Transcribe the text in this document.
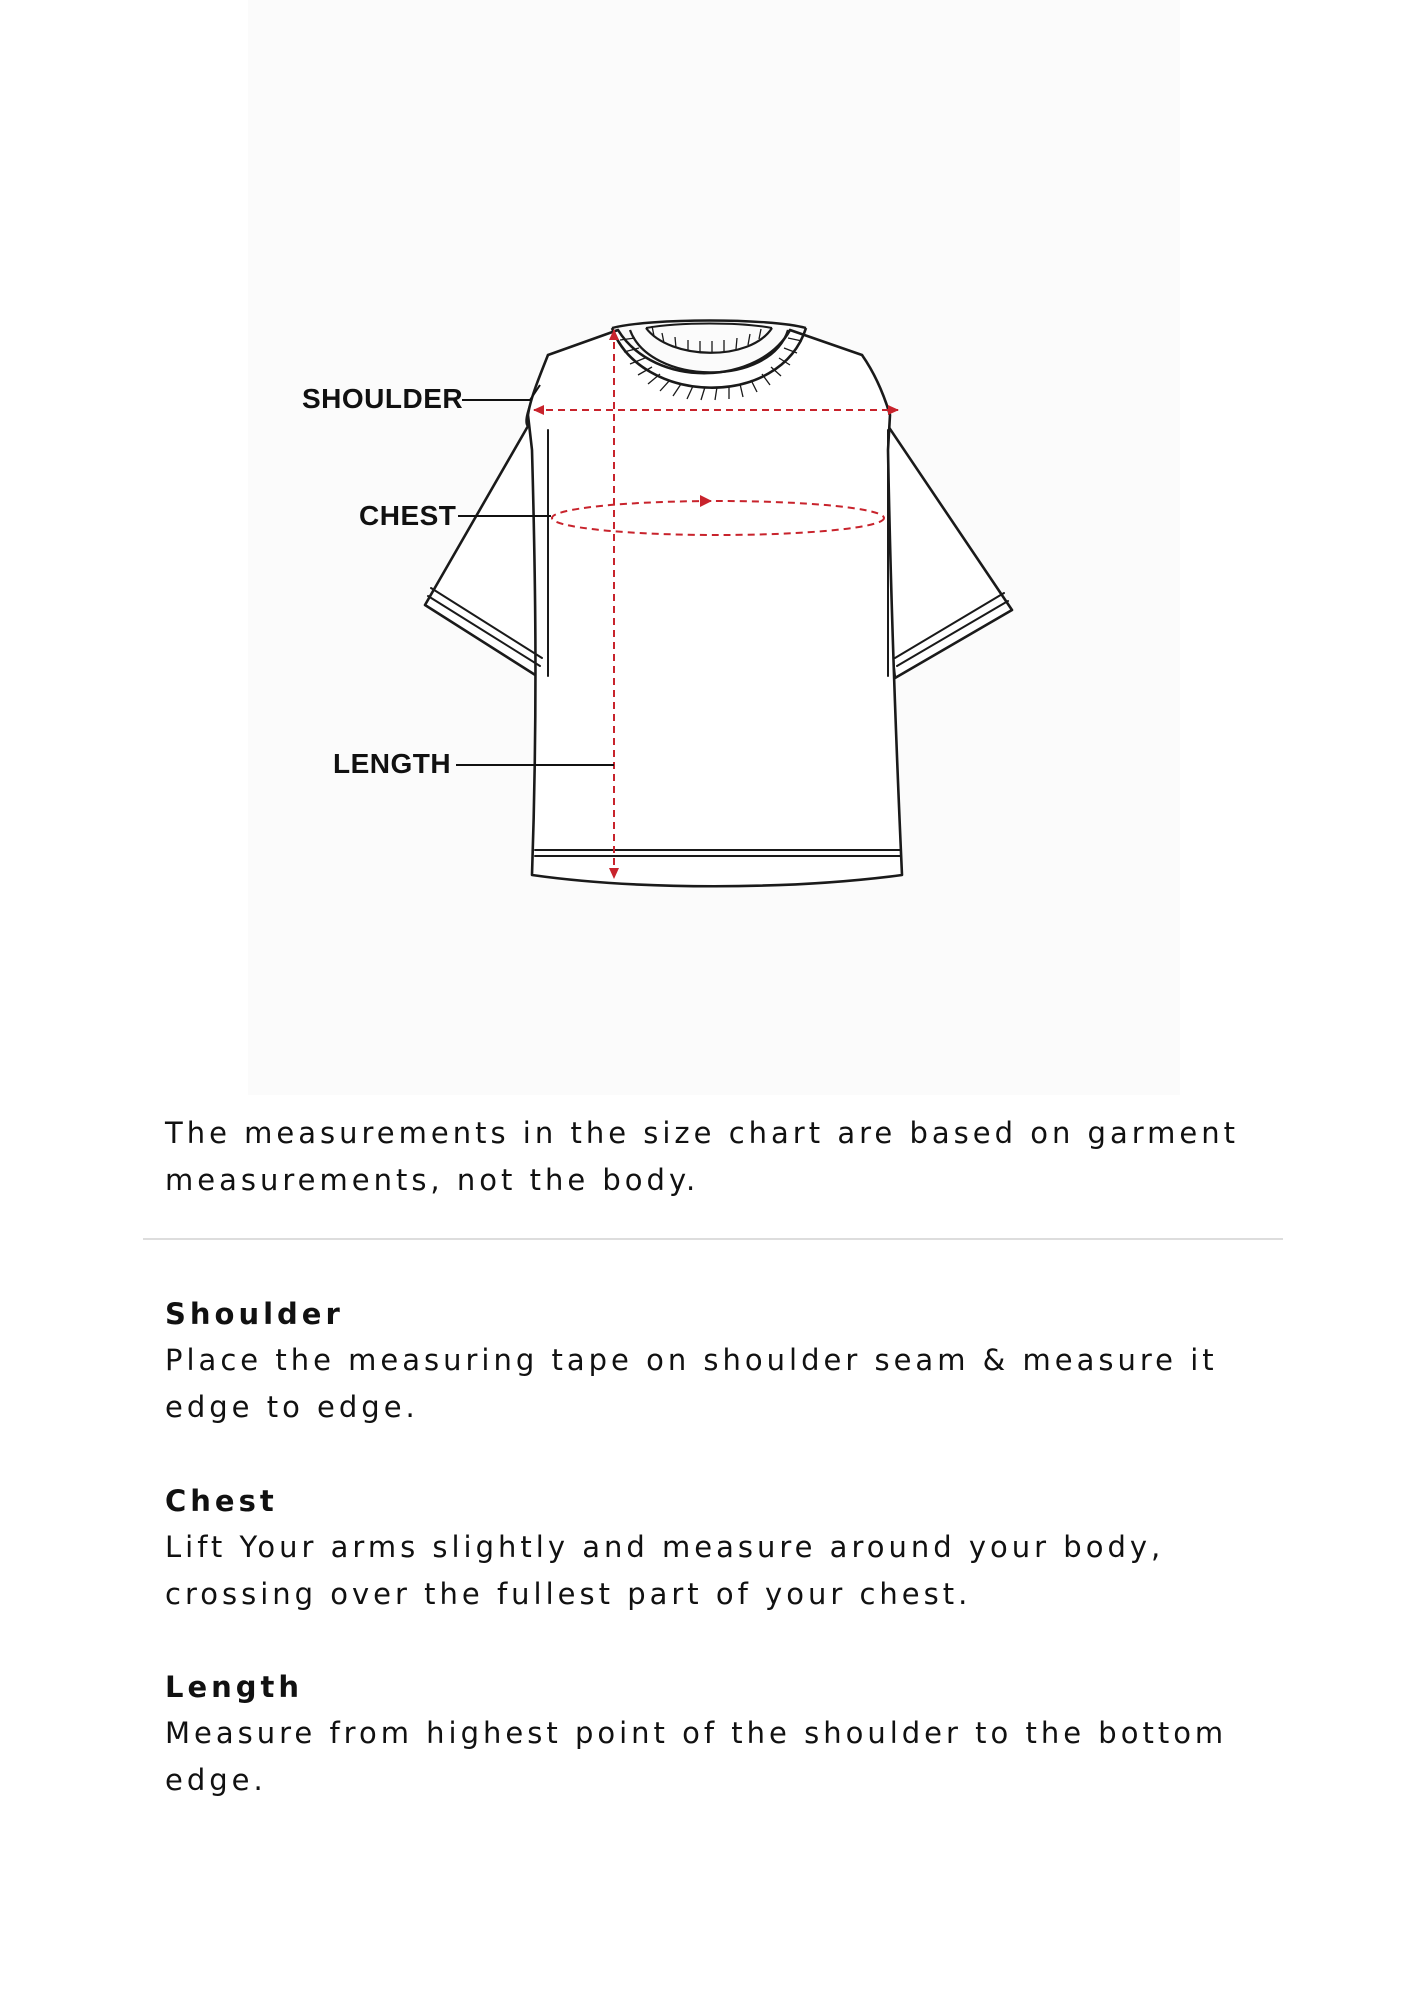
SHOULDER
CHEST
LENGTH

The measurements in the size chart are based on garment measurements, not the body.

Shoulder

Place the measuring tape on shoulder seam & measure it edge to edge.

Chest

Lift Your arms slightly and measure around your body, crossing over the fullest part of your chest.

Length

Measure from highest point of the shoulder to the bottom edge.
